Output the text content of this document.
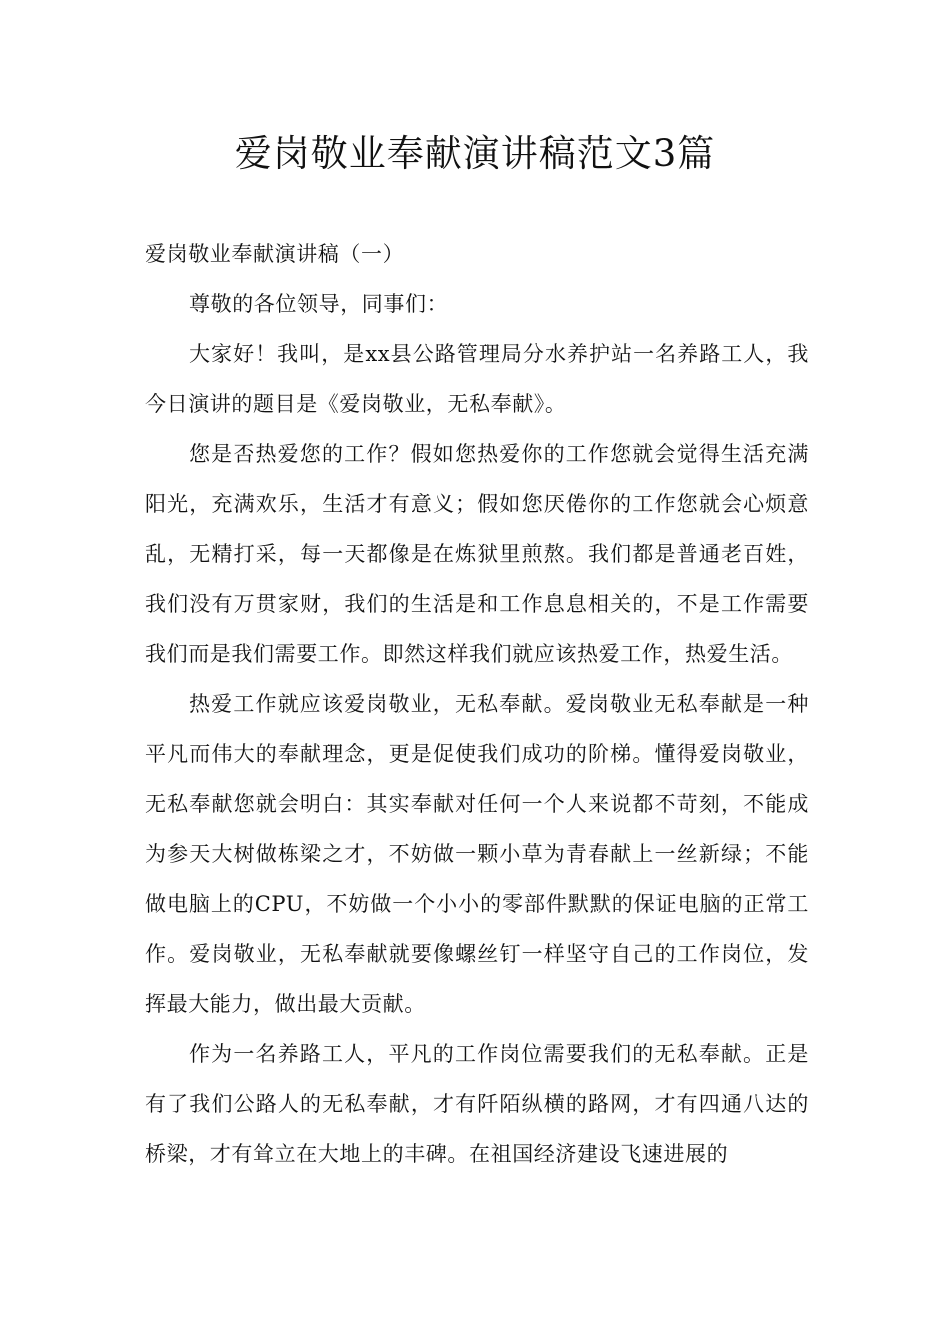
爱岗敬业奉献演讲稿范文3篇

爱岗敬业奉献演讲稿（一）

尊敬的各位领导，同事们：

大家好！我叫，是xx县公路管理局分水养护站一名养路工人，我今日演讲的题目是《爱岗敬业，无私奉献》。

您是否热爱您的工作？假如您热爱你的工作您就会觉得生活充满阳光，充满欢乐，生活才有意义；假如您厌倦你的工作您就会心烦意乱，无精打采，每一天都像是在炼狱里煎熬。我们都是普通老百姓，我们没有万贯家财，我们的生活是和工作息息相关的，不是工作需要我们而是我们需要工作。即然这样我们就应该热爱工作，热爱生活。

热爱工作就应该爱岗敬业，无私奉献。爱岗敬业无私奉献是一种平凡而伟大的奉献理念，更是促使我们成功的阶梯。懂得爱岗敬业，无私奉献您就会明白：其实奉献对任何一个人来说都不苛刻，不能成为参天大树做栋梁之才，不妨做一颗小草为青春献上一丝新绿；不能做电脑上的CPU，不妨做一个小小的零部件默默的保证电脑的正常工作。爱岗敬业，无私奉献就要像螺丝钉一样坚守自己的工作岗位，发挥最大能力，做出最大贡献。

作为一名养路工人，平凡的工作岗位需要我们的无私奉献。正是有了我们公路人的无私奉献，才有阡陌纵横的路网，才有四通八达的桥梁，才有耸立在大地上的丰碑。在祖国经济建设飞速进展的
